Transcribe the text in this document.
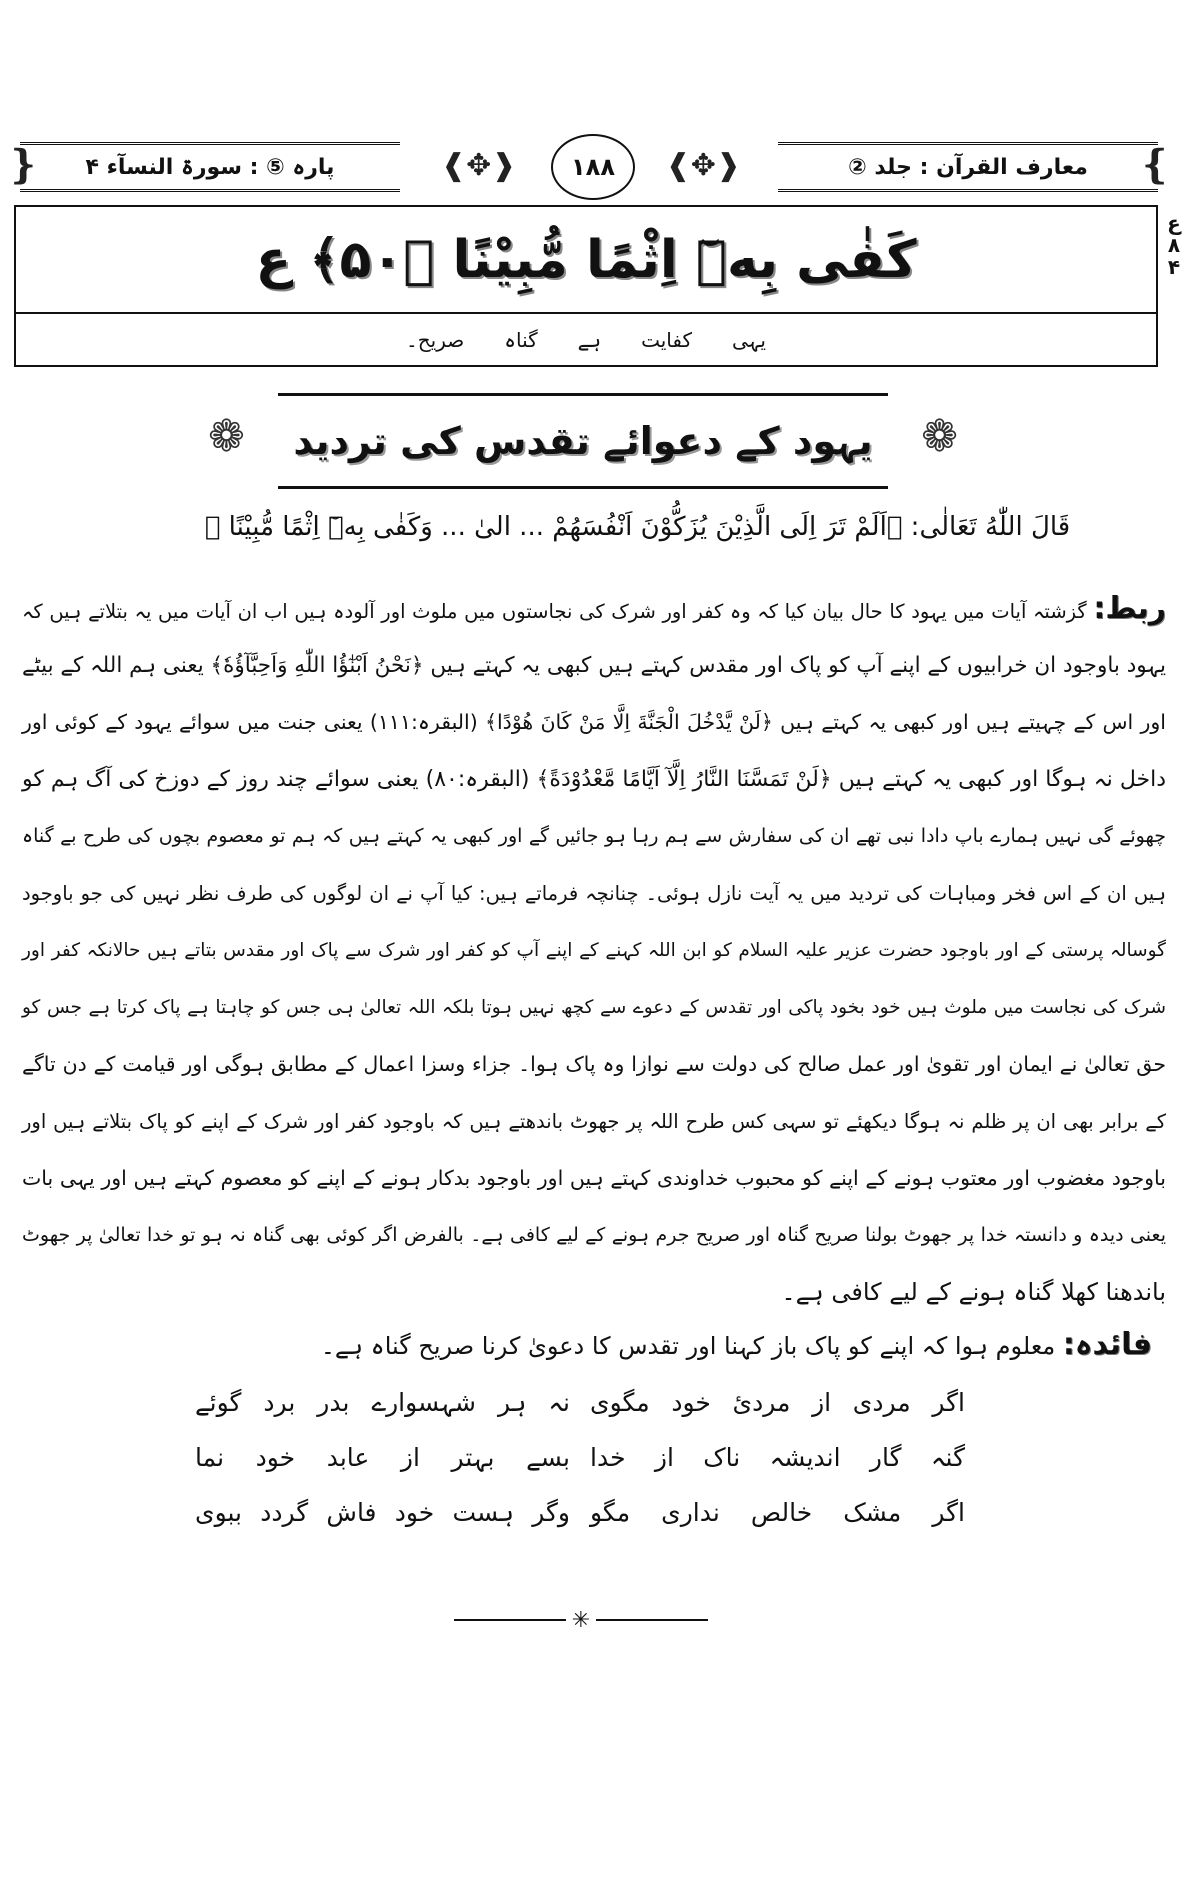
❴
معارف القرآن : جلد ②
❰✥❱	❰✥❱
۱۸۸
پارہ ⑤ : سورۃ النسآء ۴
❵
كَفٰى بِهٖٓ اِثْمًا مُّبِيْنًا ﴿۵۰﴾ ع
یہی
کفایت
ہے
گناہ
صریح۔
ع
۸
۴
❁	یہود کے دعوائے تقدس کی تردید	❁
قَالَ اللّٰهُ تَعَالٰى: ﴿اَلَمْ تَرَ اِلَى الَّذِيْنَ يُزَكُّوْنَ اَنْفُسَهُمْ ... الیٰ ... وَكَفٰى بِهٖٓ اِثْمًا مُّبِيْنًا ﴾
ربط: گزشتہ آیات میں یہود کا حال بیان کیا کہ وہ کفر اور شرک کی نجاستوں میں ملوث اور آلودہ ہیں اب ان آیات میں یہ بتلاتے ہیں کہ
یہود باوجود ان خرابیوں کے اپنے آپ کو پاک اور مقدس کہتے ہیں کبھی یہ کہتے ہیں ﴿نَحْنُ اَبْنٰٓؤُا اللّٰهِ وَاَحِبَّآؤُهٗ﴾ یعنی ہم اللہ کے بیٹے
اور اس کے چہیتے ہیں اور کبھی یہ کہتے ہیں ﴿لَنْ يَّدْخُلَ الْجَنَّةَ اِلَّا مَنْ كَانَ هُوْدًا﴾ (البقرہ:۱۱۱) یعنی جنت میں سوائے یہود کے کوئی اور
داخل نہ ہوگا اور کبھی یہ کہتے ہیں ﴿لَنْ تَمَسَّنَا النَّارُ اِلَّآ اَيَّامًا مَّعْدُوْدَةً﴾ (البقرہ:۸۰) یعنی سوائے چند روز کے دوزخ کی آگ ہم کو
چھوئے گی نہیں ہمارے باپ دادا نبی تھے ان کی سفارش سے ہم رہا ہو جائیں گے اور کبھی یہ کہتے ہیں کہ ہم تو معصوم بچوں کی طرح بے گناہ
ہیں ان کے اس فخر ومباہات کی تردید میں یہ آیت نازل ہوئی۔ چنانچہ فرماتے ہیں: کیا آپ نے ان لوگوں کی طرف نظر نہیں کی جو باوجود
گوسالہ پرستی کے اور باوجود حضرت عزیر علیہ السلام کو ابن اللہ کہنے کے اپنے آپ کو کفر اور شرک سے پاک اور مقدس بتاتے ہیں حالانکہ کفر اور
شرک کی نجاست میں ملوث ہیں خود بخود پاکی اور تقدس کے دعوے سے کچھ نہیں ہوتا بلکہ اللہ تعالیٰ ہی جس کو چاہتا ہے پاک کرتا ہے جس کو
حق تعالیٰ نے ایمان اور تقویٰ اور عمل صالح کی دولت سے نوازا وہ پاک ہوا۔ جزاء وسزا اعمال کے مطابق ہوگی اور قیامت کے دن تاگے
کے برابر بھی ان پر ظلم نہ ہوگا دیکھئے تو سہی کس طرح اللہ پر جھوٹ باندھتے ہیں کہ باوجود کفر اور شرک کے اپنے کو پاک بتلاتے ہیں اور
باوجود مغضوب اور معتوب ہونے کے اپنے کو محبوب خداوندی کہتے ہیں اور باوجود بدکار ہونے کے اپنے کو معصوم کہتے ہیں اور یہی بات
یعنی دیدہ و دانستہ خدا پر جھوٹ بولنا صریح گناہ اور صریح جرم ہونے کے لیے کافی ہے۔ بالفرض اگر کوئی بھی گناہ نہ ہو تو خدا تعالیٰ پر جھوٹ
باندھنا کھلا گناہ ہونے کے لیے کافی ہے۔
فائدہ: معلوم ہوا کہ اپنے کو پاک باز کہنا اور تقدس کا دعویٰ کرنا صریح گناہ ہے۔
اگر مردی از مردیٔ خود مگوی
نہ ہر شہسوارے بدر برد گوئے
گنہ گار اندیشہ ناک از خدا
بسے بہتر از عابد خود نما
اگر مشک خالص نداری مگو
وگر ہست خود فاش گردد ببوی
✳
